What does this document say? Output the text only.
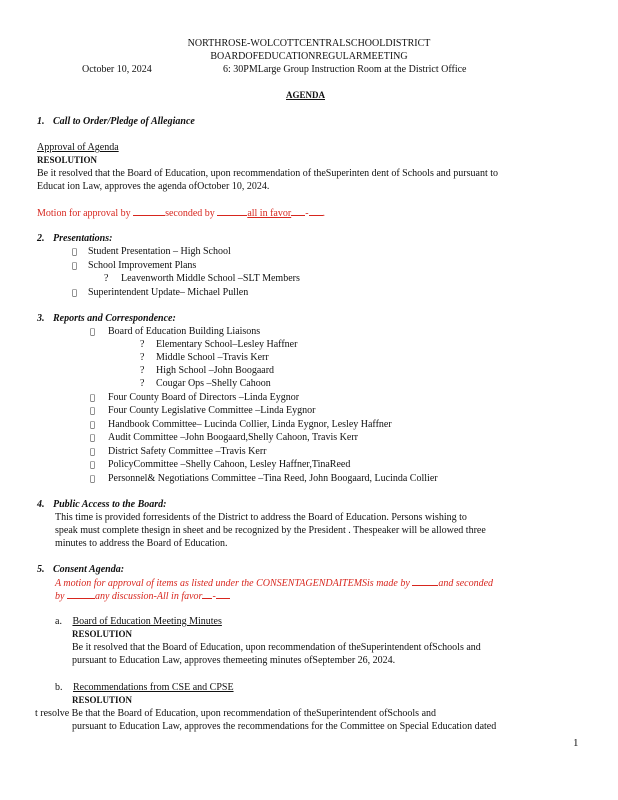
NORTHROSE-WOLCOTTCENTRALSCHOOLDISTRICT
BOARDOFEDUCATIONREGULARMEETING
October 10, 2024	6: 30PMLarge Group Instruction Room at the District Office
AGENDA
1. Call to Order/Pledge of Allegiance
Approval of Agenda
RESOLUTION
Be it resolved that the Board of Education, upon recommendation of theSuperinten dent of Schools and pursuant to
Educat ion Law, approves the agenda ofOctober 10, 2024.
Motion for approval by	seconded by	all in favor - .
2. Presentations:
Student Presentation – High School
School Improvement Plans
? Leavenworth Middle School –SLT Members
Superintendent Update– Michael Pullen
3. Reports and Correspondence:
Board of Education Building Liaisons
? Elementary School–Lesley Haffner
? Middle School –Travis Kerr
? High School –John Boogaard
? Cougar Ops –Shelly Cahoon
Four County Board of Directors –Linda Eygnor
Four County Legislative Committee –Linda Eygnor
Handbook Committee– Lucinda Collier, Linda Eygnor, Lesley Haffner
Audit Committee –John Boogaard,Shelly Cahoon, Travis Kerr
District Safety Committee –Travis Kerr
PolicyCommittee –Shelly Cahoon, Lesley Haffner,TinaReed
Personnel& Negotiations Committee –Tina Reed, John Boogaard, Lucinda Collier
4. Public Access to the Board:
This time is provided forresidents of the District to address the Board of Education. Persons wishing to
speak must complete thesign in sheet and be recognized by the President . Thespeaker will be allowed three
minutes to address the Board of Education.
5. Consent Agenda:
A motion for approval of items as listed under the CONSENTAGENDAITEMSis made by	and seconded
by	any discussion-All in favor -
a. Board of Education Meeting Minutes
RESOLUTION
Be it resolved that the Board of Education, upon recommendation of theSuperintendent ofSchools and
pursuant to Education Law, approves themeeting minutes ofSeptember 26, 2024.
b. Recommendations from CSE and CPSE
RESOLUTION
t resolve Be that the Board of Education, upon recommendation of theSuperintendent ofSchools and
pursuant to Education Law, approves the recommendations for the Committee on Special Education dated
1
